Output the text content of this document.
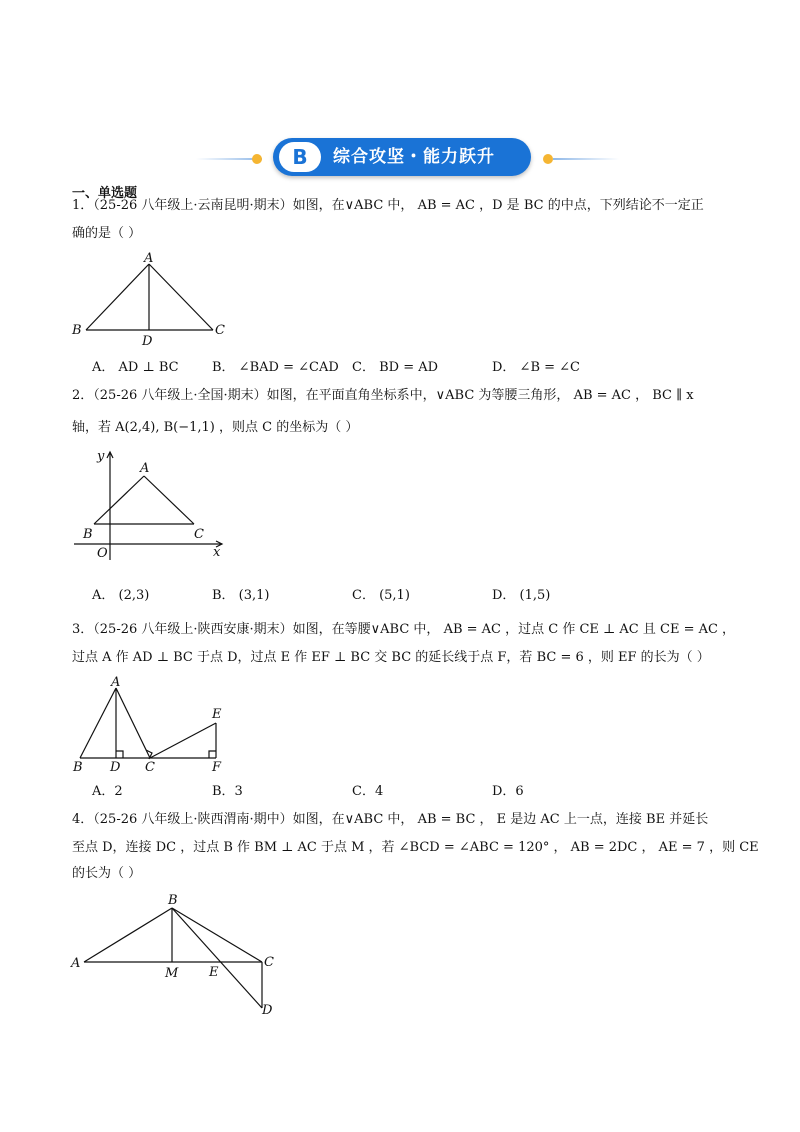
B	综合攻坚・能力跃升
一、单选题
1．（25-26 八年级上·云南昆明·期末）如图，在∨ABC 中， AB = AC ，D 是 BC 的中点，下列结论不一定正
确的是（ ）
A
B	C
D
A． AD ⊥ BC	B． ∠BAD = ∠CAD C． BD = AD	D． ∠B = ∠C
2．（25-26 八年级上·全国·期末）如图，在平面直角坐标系中，∨ABC 为等腰三角形， AB = AC ， BC ∥ x
轴，若 A(2,4), B(−1,1) ，则点 C 的坐标为（ ）
y
x
O
A
B	C
A． (2,3)	B． (3,1)	C． (5,1)	D． (1,5)
3．（25-26 八年级上·陕西安康·期末）如图，在等腰∨ABC 中， AB = AC ，过点 C 作 CE ⊥ AC 且 CE = AC ，
过点 A 作 AD ⊥ BC 于点 D，过点 E 作 EF ⊥ BC 交 BC 的延长线于点 F，若 BC = 6 ，则 EF 的长为（ ）
A
B D C
E
F
A．2	B．3	C．4	D．6
4．（25-26 八年级上·陕西渭南·期中）如图，在∨ABC 中， AB = BC ， E 是边 AC 上一点，连接 BE 并延长
至点 D，连接 DC ，过点 B 作 BM ⊥ AC 于点 M ，若 ∠BCD = ∠ABC = 120° ， AB = 2DC ， AE = 7 ，则 CE
的长为（ ）
B
A
M E
C
D
